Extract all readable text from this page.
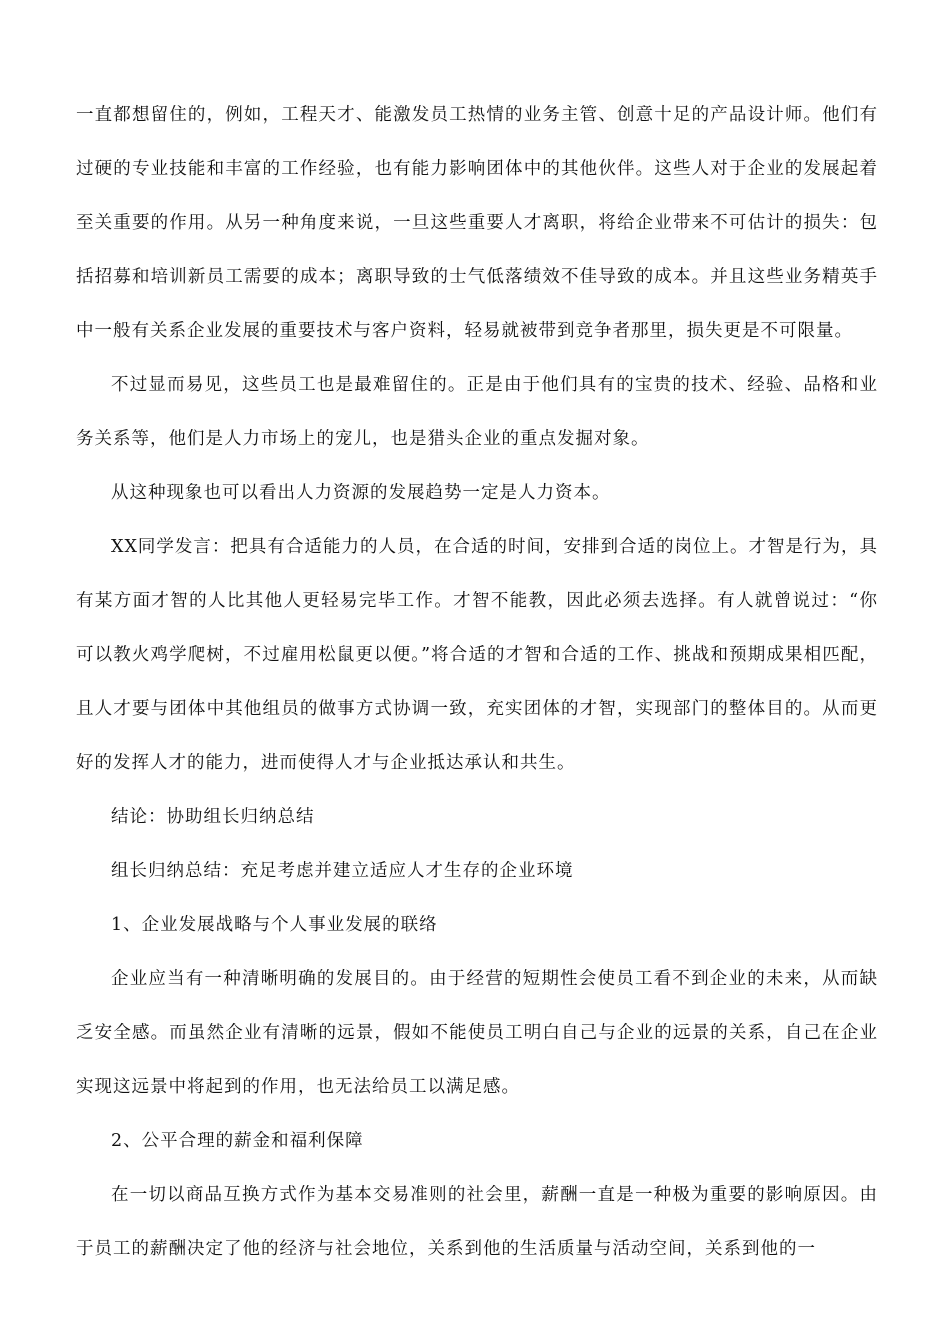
一直都想留住的，例如，工程天才、能激发员工热情的业务主管、创意十足的产品设计师。他们有过硬的专业技能和丰富的工作经验，也有能力影响团体中的其他伙伴。这些人对于企业的发展起着至关重要的作用。从另一种角度来说，一旦这些重要人才离职，将给企业带来不可估计的损失：包括招募和培训新员工需要的成本；离职导致的士气低落绩效不佳导致的成本。并且这些业务精英手中一般有关系企业发展的重要技术与客户资料，轻易就被带到竞争者那里，损失更是不可限量。

不过显而易见，这些员工也是最难留住的。正是由于他们具有的宝贵的技术、经验、品格和业务关系等，他们是人力市场上的宠儿，也是猎头企业的重点发掘对象。

从这种现象也可以看出人力资源的发展趋势一定是人力资本。

XX同学发言：把具有合适能力的人员，在合适的时间，安排到合适的岗位上。才智是行为，具有某方面才智的人比其他人更轻易完毕工作。才智不能教，因此必须去选择。有人就曾说过：“你可以教火鸡学爬树，不过雇用松鼠更以便。”将合适的才智和合适的工作、挑战和预期成果相匹配，且人才要与团体中其他组员的做事方式协调一致，充实团体的才智，实现部门的整体目的。从而更好的发挥人才的能力，进而使得人才与企业抵达承认和共生。

结论：协助组长归纳总结

组长归纳总结：充足考虑并建立适应人才生存的企业环境

1、企业发展战略与个人事业发展的联络

企业应当有一种清晰明确的发展目的。由于经营的短期性会使员工看不到企业的未来，从而缺乏安全感。而虽然企业有清晰的远景，假如不能使员工明白自己与企业的远景的关系，自己在企业实现这远景中将起到的作用，也无法给员工以满足感。

2、公平合理的薪金和福利保障

在一切以商品互换方式作为基本交易准则的社会里，薪酬一直是一种极为重要的影响原因。由于员工的薪酬决定了他的经济与社会地位，关系到他的生活质量与活动空间，关系到他的一
